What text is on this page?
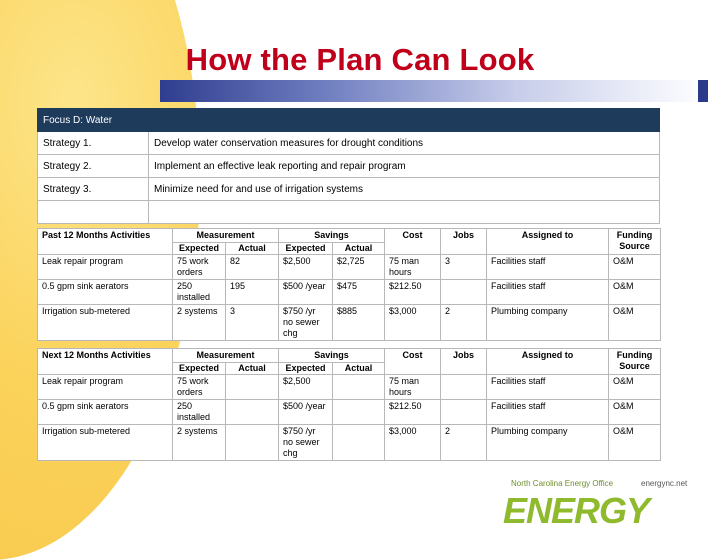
How the Plan Can Look
Focus D: Water	
Strategy 1.	Develop water conservation measures for drought conditions
Strategy 2.	Implement an effective leak reporting and repair program
Strategy 3.	Minimize need for and use of irrigation systems

Past 12 Months Activities	Measurement		Savings		Cost	Jobs	Assigned to	Funding
Source
	Expected	Actual	Expected	Actual				
Leak repair program	75 work orders	82	$2,500	$2,725	75 man hours	3	Facilities staff	O&M
0.5 gpm sink aerators	250 installed	195	$500 /year	$475	$212.50		Facilities staff	O&M
Irrigation sub-metered	2 systems	3	$750 /yr no sewer chg	$885	$3,000	2	Plumbing company	O&M
Next 12 Months Activities	Measurement		Savings		Cost	Jobs	Assigned to	Funding
Source
	Expected	Actual	Expected	Actual				
Leak repair program	75 work orders		$2,500		75 man hours		Facilities staff	O&M
0.5 gpm sink aerators	250 installed		$500 /year		$212.50		Facilities staff	O&M
Irrigation sub-metered	2 systems		$750 /yr no sewer chg		$3,000	2	Plumbing company	O&M
North Carolina Energy Office	energync.net
ENERGY
